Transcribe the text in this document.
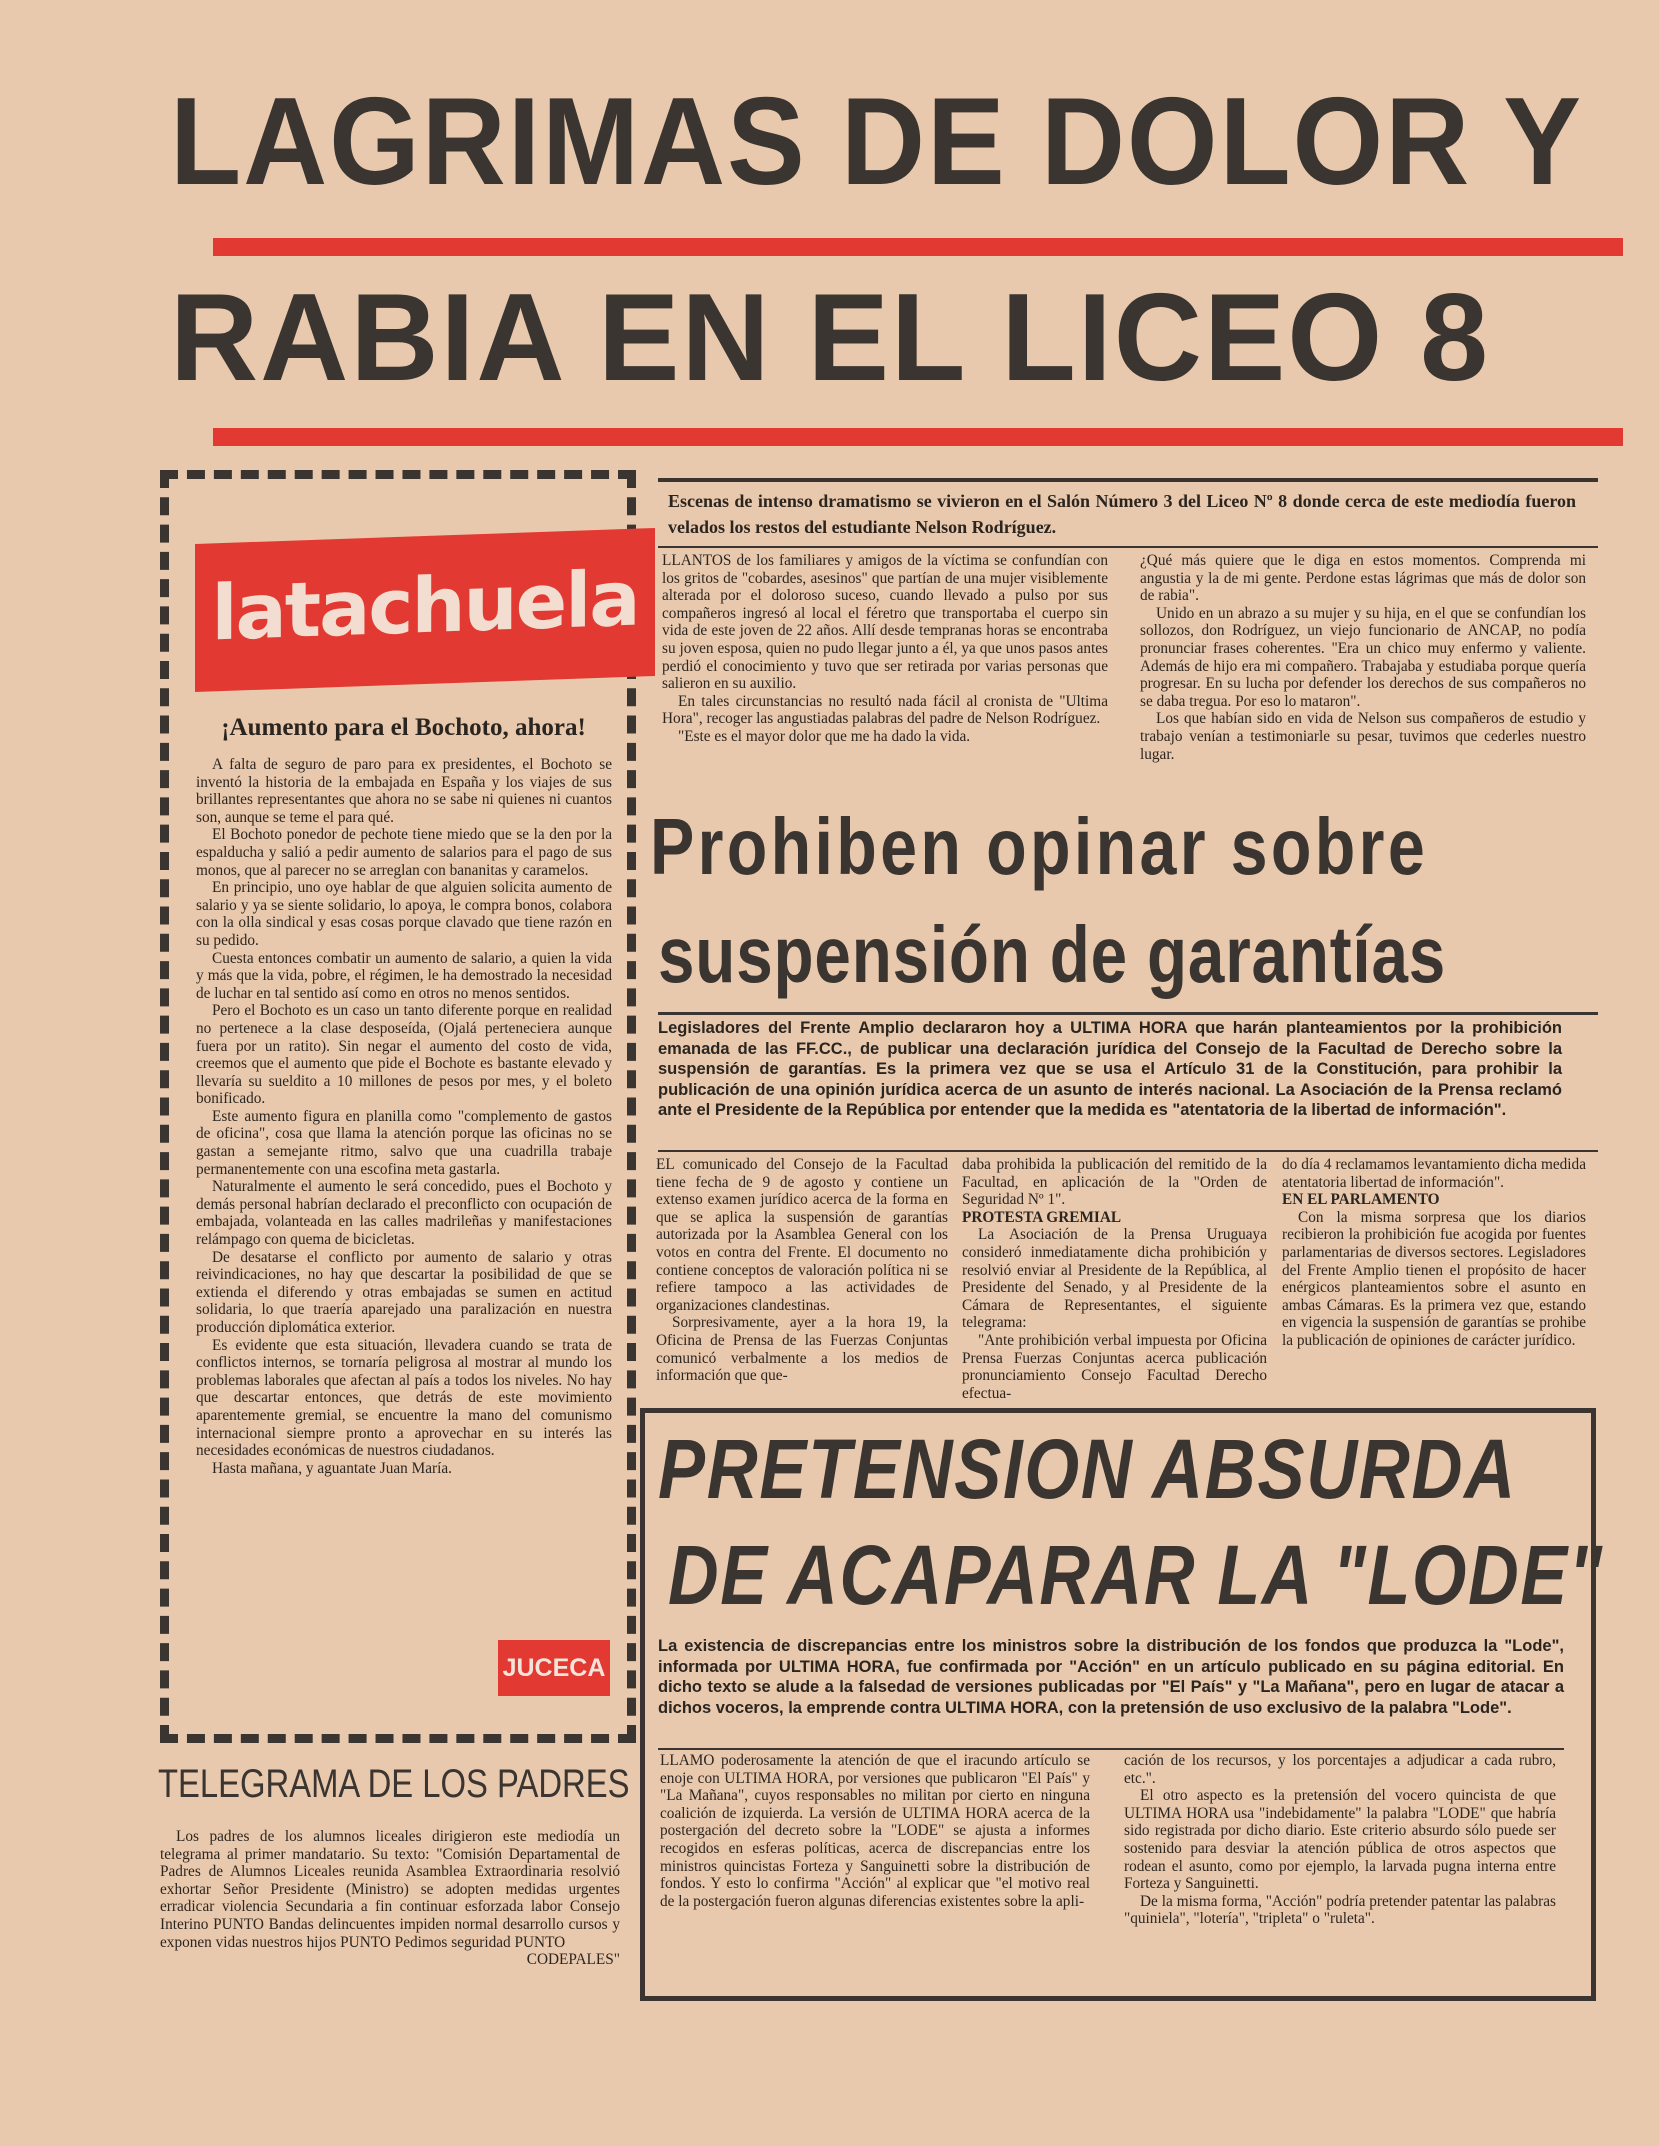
LAGRIMAS DE DOLOR Y
RABIA EN EL LICEO 8
latachuela
¡Aumento para el Bochoto, ahora!

A falta de seguro de paro para ex presidentes, el Bochoto se inventó la historia de la embajada en España y los viajes de sus brillantes representantes que ahora no se sabe ni quienes ni cuantos son, aunque se teme el para qué.

El Bochoto ponedor de pechote tiene miedo que se la den por la espalducha y salió a pedir aumento de salarios para el pago de sus monos, que al parecer no se arreglan con bananitas y caramelos.

En principio, uno oye hablar de que alguien solicita aumento de salario y ya se siente solidario, lo apoya, le compra bonos, colabora con la olla sindical y esas cosas porque clavado que tiene razón en su pedido.

Cuesta entonces combatir un aumento de salario, a quien la vida y más que la vida, pobre, el régimen, le ha demostrado la necesidad de luchar en tal sentido así como en otros no menos sentidos.

Pero el Bochoto es un caso un tanto diferente porque en realidad no pertenece a la clase desposeída, (Ojalá perteneciera aunque fuera por un ratito). Sin negar el aumento del costo de vida, creemos que el aumento que pide el Bochote es bastante elevado y llevaría su sueldito a 10 millones de pesos por mes, y el boleto bonificado.

Este aumento figura en planilla como "complemento de gastos de oficina", cosa que llama la atención porque las oficinas no se gastan a semejante ritmo, salvo que una cuadrilla trabaje permanentemente con una escofina meta gastarla.

Naturalmente el aumento le será concedido, pues el Bochoto y demás personal habrían declarado el preconflicto con ocupación de embajada, volanteada en las calles madrileñas y manifestaciones relámpago con quema de bicicletas.

De desatarse el conflicto por aumento de salario y otras reivindicaciones, no hay que descartar la posibilidad de que se extienda el diferendo y otras embajadas se sumen en actitud solidaria, lo que traería aparejado una paralización en nuestra producción diplomática exterior.

Es evidente que esta situación, llevadera cuando se trata de conflictos internos, se tornaría peligrosa al mostrar al mundo los problemas laborales que afectan al país a todos los niveles. No hay que descartar entonces, que detrás de este movimiento aparentemente gremial, se encuentre la mano del comunismo internacional siempre pronto a aprovechar en su interés las necesidades económicas de nuestros ciudadanos.

Hasta mañana, y aguantate Juan María.

JUCECA
TELEGRAMA DE LOS PADRES

Los padres de los alumnos liceales dirigieron este mediodía un telegrama al primer mandatario. Su texto: "Comisión Departamental de Padres de Alumnos Liceales reunida Asamblea Extraordinaria resolvió exhortar Señor Presidente (Ministro) se adopten medidas urgentes erradicar violencia Secundaria a fin continuar esforzada labor Consejo Interino PUNTO Bandas delincuentes impiden normal desarrollo cursos y exponen vidas nuestros hijos PUNTO Pedimos seguridad PUNTO

CODEPALES"
Escenas de intenso dramatismo se vivieron en el Salón Número 3 del Liceo Nº 8 donde cerca de este mediodía fueron velados los restos del estudiante Nelson Rodríguez.

LLANTOS de los familiares y amigos de la víctima se confundían con los gritos de "cobardes, asesinos" que partían de una mujer visiblemente alterada por el doloroso suceso, cuando llevado a pulso por sus compañeros ingresó al local el féretro que transportaba el cuerpo sin vida de este joven de 22 años. Allí desde tempranas horas se encontraba su joven esposa, quien no pudo llegar junto a él, ya que unos pasos antes perdió el conocimiento y tuvo que ser retirada por varias personas que salieron en su auxilio.

En tales circunstancias no resultó nada fácil al cronista de "Ultima Hora", recoger las angustiadas palabras del padre de Nelson Rodríguez.

"Este es el mayor dolor que me ha dado la vida.

¿Qué más quiere que le diga en estos momentos. Comprenda mi angustia y la de mi gente. Perdone estas lágrimas que más de dolor son de rabia".

Unido en un abrazo a su mujer y su hija, en el que se confundían los sollozos, don Rodríguez, un viejo funcionario de ANCAP, no podía pronunciar frases coherentes. "Era un chico muy enfermo y valiente. Además de hijo era mi compañero. Trabajaba y estudiaba porque quería progresar. En su lucha por defender los derechos de sus compañeros no se daba tregua. Por eso lo mataron".

Los que habían sido en vida de Nelson sus compañeros de estudio y trabajo venían a testimoniarle su pesar, tuvimos que cederles nuestro lugar.

Prohiben opinar sobre
suspensión de garantías
Legisladores del Frente Amplio declararon hoy a ULTIMA HORA que harán planteamientos por la prohibición emanada de las FF.CC., de publicar una declaración jurídica del Consejo de la Facultad de Derecho sobre la suspensión de garantías. Es la primera vez que se usa el Artículo 31 de la Constitución, para prohibir la publicación de una opinión jurídica acerca de un asunto de interés nacional. La Asociación de la Prensa reclamó ante el Presidente de la República por entender que la medida es "atentatoria de la libertad de información".

EL comunicado del Consejo de la Facultad tiene fecha de 9 de agosto y contiene un extenso examen jurídico acerca de la forma en que se aplica la suspensión de garantías autorizada por la Asamblea General con los votos en contra del Frente. El documento no contiene conceptos de valoración política ni se refiere tampoco a las actividades de organizaciones clandestinas.

Sorpresivamente, ayer a la hora 19, la Oficina de Prensa de las Fuerzas Conjuntas comunicó verbalmente a los medios de información que que-

daba prohibida la publicación del remitido de la Facultad, en aplicación de la "Orden de Seguridad Nº 1".

PROTESTA GREMIAL

La Asociación de la Prensa Uruguaya consideró inmediatamente dicha prohibición y resolvió enviar al Presidente de la República, al Presidente del Senado, y al Presidente de la Cámara de Representantes, el siguiente telegrama:

"Ante prohibición verbal impuesta por Oficina Prensa Fuerzas Conjuntas acerca publicación pronunciamiento Consejo Facultad Derecho efectua-

do día 4 reclamamos levantamiento dicha medida atentatoria libertad de información".

EN EL PARLAMENTO

Con la misma sorpresa que los diarios recibieron la prohibición fue acogida por fuentes parlamentarias de diversos sectores. Legisladores del Frente Amplio tienen el propósito de hacer enérgicos planteamientos sobre el asunto en ambas Cámaras. Es la primera vez que, estando en vigencia la suspensión de garantías se prohibe la publicación de opiniones de carácter jurídico.

PRETENSION ABSURDA
DE ACAPARAR LA "LODE"
La existencia de discrepancias entre los ministros sobre la distribución de los fondos que produzca la "Lode", informada por ULTIMA HORA, fue confirmada por "Acción" en un artículo publicado en su página editorial. En dicho texto se alude a la falsedad de versiones publicadas por "El País" y "La Mañana", pero en lugar de atacar a dichos voceros, la emprende contra ULTIMA HORA, con la pretensión de uso exclusivo de la palabra "Lode".

LLAMO poderosamente la atención de que el iracundo artículo se enoje con ULTIMA HORA, por versiones que publicaron "El País" y "La Mañana", cuyos responsables no militan por cierto en ninguna coalición de izquierda. La versión de ULTIMA HORA acerca de la postergación del decreto sobre la "LODE" se ajusta a informes recogidos en esferas políticas, acerca de discrepancias entre los ministros quincistas Forteza y Sanguinetti sobre la distribución de fondos. Y esto lo confirma "Acción" al explicar que "el motivo real de la postergación fueron algunas diferencias existentes sobre la apli-

cación de los recursos, y los porcentajes a adjudicar a cada rubro, etc.".

El otro aspecto es la pretensión del vocero quincista de que ULTIMA HORA usa "indebidamente" la palabra "LODE" que habría sido registrada por dicho diario. Este criterio absurdo sólo puede ser sostenido para desviar la atención pública de otros aspectos que rodean el asunto, como por ejemplo, la larvada pugna interna entre Forteza y Sanguinetti.

De la misma forma, "Acción" podría pretender patentar las palabras "quiniela", "lotería", "tripleta" o "ruleta".
